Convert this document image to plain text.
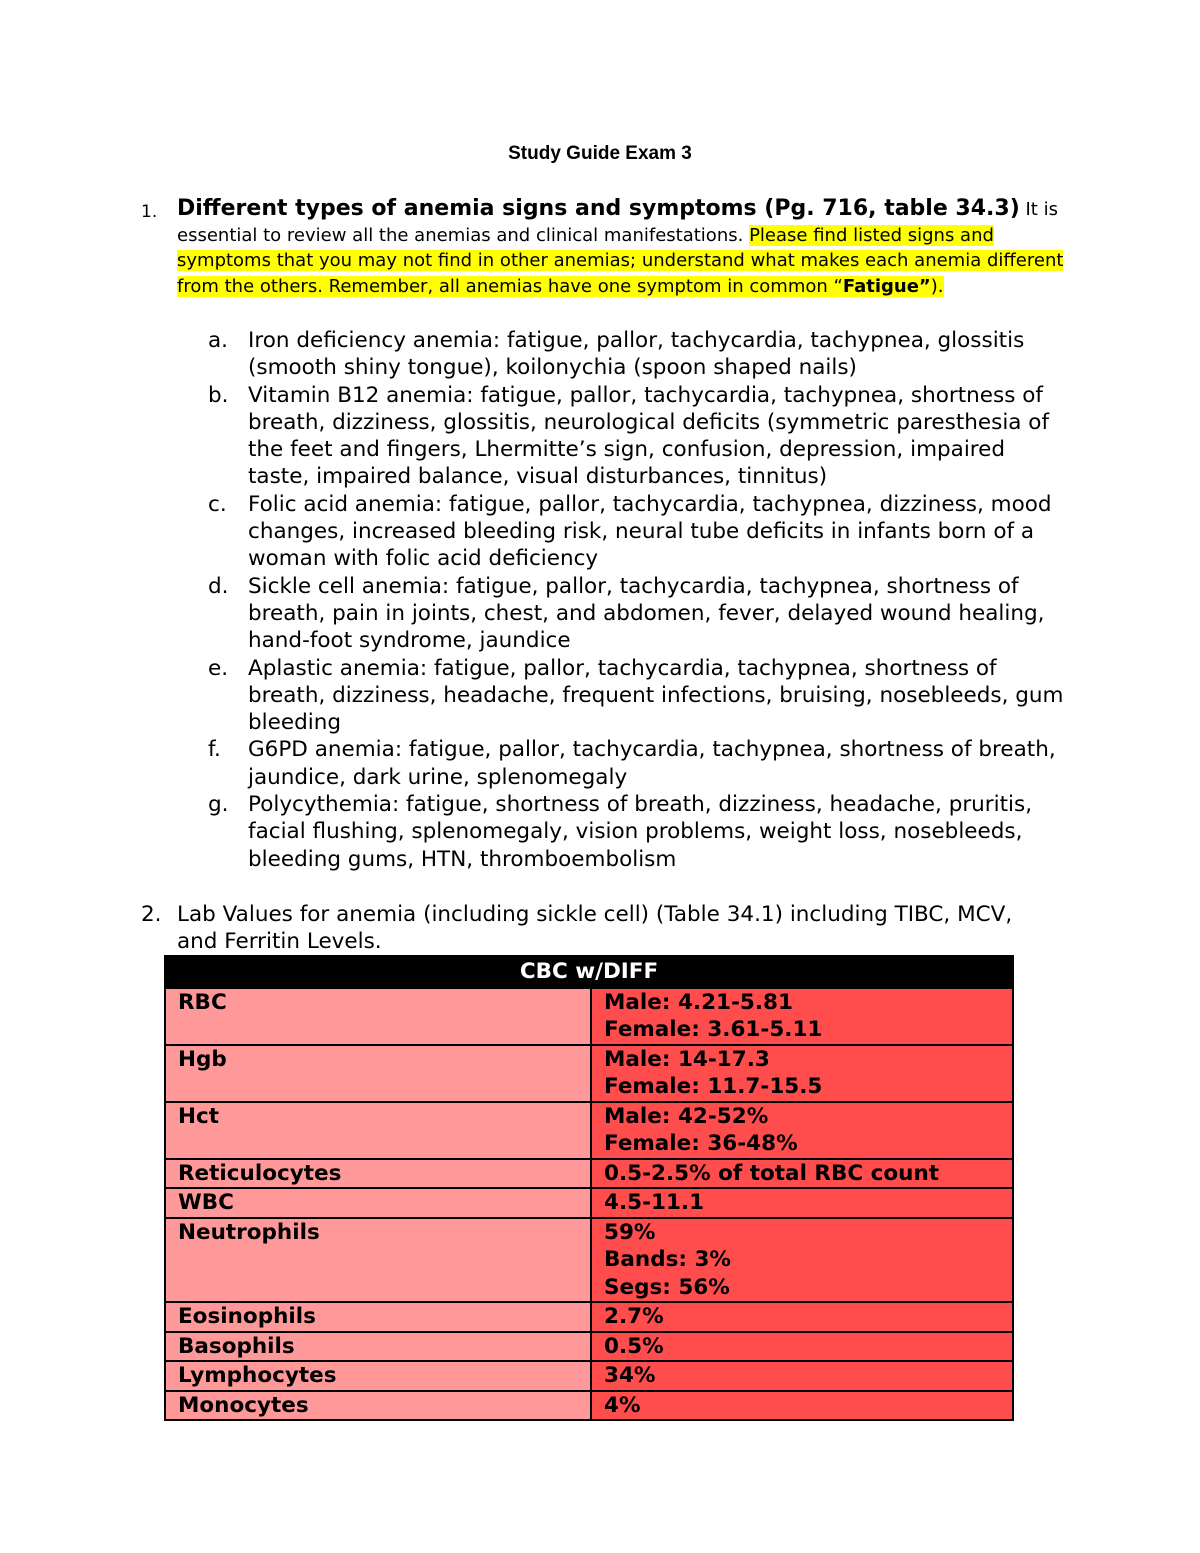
Study Guide Exam 3
1. Different types of anemia signs and symptoms (Pg. 716, table 34.3) It is essential to review all the anemias and clinical manifestations. Please find listed signs and symptoms that you may not find in other anemias; understand what makes each anemia different from the others. Remember, all anemias have one symptom in common “Fatigue”).
a. Iron deficiency anemia: fatigue, pallor, tachycardia, tachypnea, glossitis (smooth shiny tongue), koilonychia (spoon shaped nails)
b. Vitamin B12 anemia: fatigue, pallor, tachycardia, tachypnea, shortness of breath, dizziness, glossitis, neurological deficits (symmetric paresthesia of the feet and fingers, Lhermitte’s sign, confusion, depression, impaired taste, impaired balance, visual disturbances, tinnitus)
c. Folic acid anemia: fatigue, pallor, tachycardia, tachypnea, dizziness, mood changes, increased bleeding risk, neural tube deficits in infants born of a woman with folic acid deficiency
d. Sickle cell anemia: fatigue, pallor, tachycardia, tachypnea, shortness of breath, pain in joints, chest, and abdomen, fever, delayed wound healing, hand-foot syndrome, jaundice
e. Aplastic anemia: fatigue, pallor, tachycardia, tachypnea, shortness of breath, dizziness, headache, frequent infections, bruising, nosebleeds, gum bleeding
f. G6PD anemia: fatigue, pallor, tachycardia, tachypnea, shortness of breath, jaundice, dark urine, splenomegaly
g. Polycythemia: fatigue, shortness of breath, dizziness, headache, pruritis, facial flushing, splenomegaly, vision problems, weight loss, nosebleeds, bleeding gums, HTN, thromboembolism
2. Lab Values for anemia (including sickle cell) (Table 34.1) including TIBC, MCV, and Ferritin Levels.
CBC w/DIFF	
RBC	Male: 4.21-5.81
Female: 3.61-5.11

Hgb	Male: 14-17.3
Female: 11.7-15.5

Hct	Male: 42-52%
Female: 36-48%

Reticulocytes	0.5-2.5% of total RBC count

WBC	4.5-11.1

Neutrophils	59%
Bands: 3%
Segs: 56%

Eosinophils	2.7%

Basophils	0.5%

Lymphocytes	34%

Monocytes	4%
